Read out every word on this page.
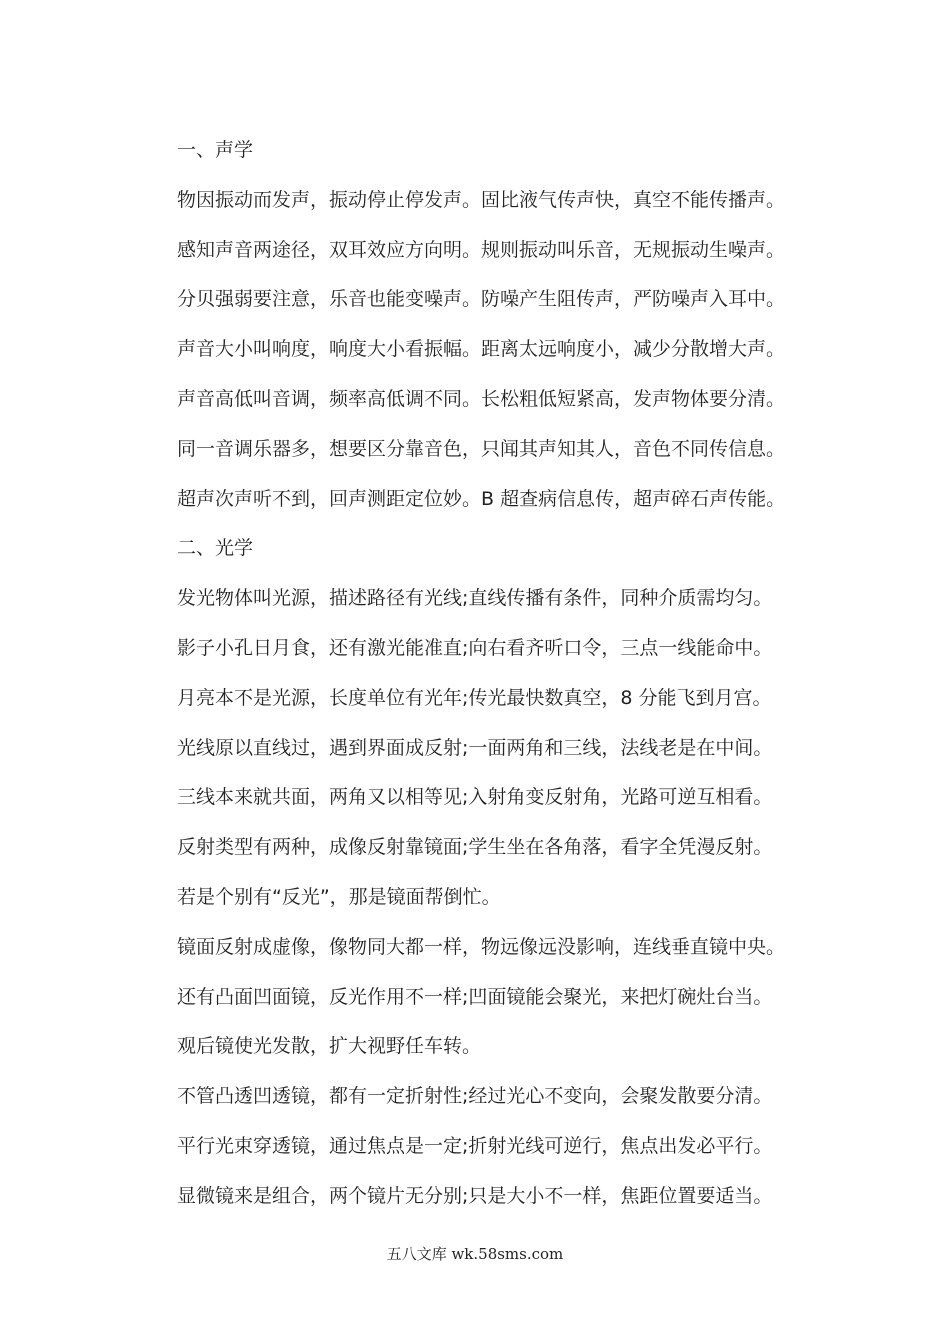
一、声学
物因振动而发声，振动停止停发声。固比液气传声快，真空不能传播声。
感知声音两途径，双耳效应方向明。规则振动叫乐音，无规振动生噪声。
分贝强弱要注意，乐音也能变噪声。防噪产生阻传声，严防噪声入耳中。
声音大小叫响度，响度大小看振幅。距离太远响度小，减少分散增大声。
声音高低叫音调，频率高低调不同。长松粗低短紧高，发声物体要分清。
同一音调乐器多，想要区分靠音色，只闻其声知其人，音色不同传信息。
超声次声听不到，回声测距定位妙。B 超查病信息传，超声碎石声传能。
二、光学
发光物体叫光源，描述路径有光线;直线传播有条件，同种介质需均匀。
影子小孔日月食，还有激光能准直;向右看齐听口令，三点一线能命中。
月亮本不是光源，长度单位有光年;传光最快数真空，8 分能飞到月宫。
光线原以直线过，遇到界面成反射;一面两角和三线，法线老是在中间。
三线本来就共面，两角又以相等见;入射角变反射角，光路可逆互相看。
反射类型有两种，成像反射靠镜面;学生坐在各角落，看字全凭漫反射。
若是个别有“反光”，那是镜面帮倒忙。
镜面反射成虚像，像物同大都一样，物远像远没影响，连线垂直镜中央。
还有凸面凹面镜，反光作用不一样;凹面镜能会聚光，来把灯碗灶台当。
观后镜使光发散，扩大视野任车转。
不管凸透凹透镜，都有一定折射性;经过光心不变向，会聚发散要分清。
平行光束穿透镜，通过焦点是一定;折射光线可逆行，焦点出发必平行。
显微镜来是组合，两个镜片无分别;只是大小不一样，焦距位置要适当。
五八文库 wk.58sms.com
